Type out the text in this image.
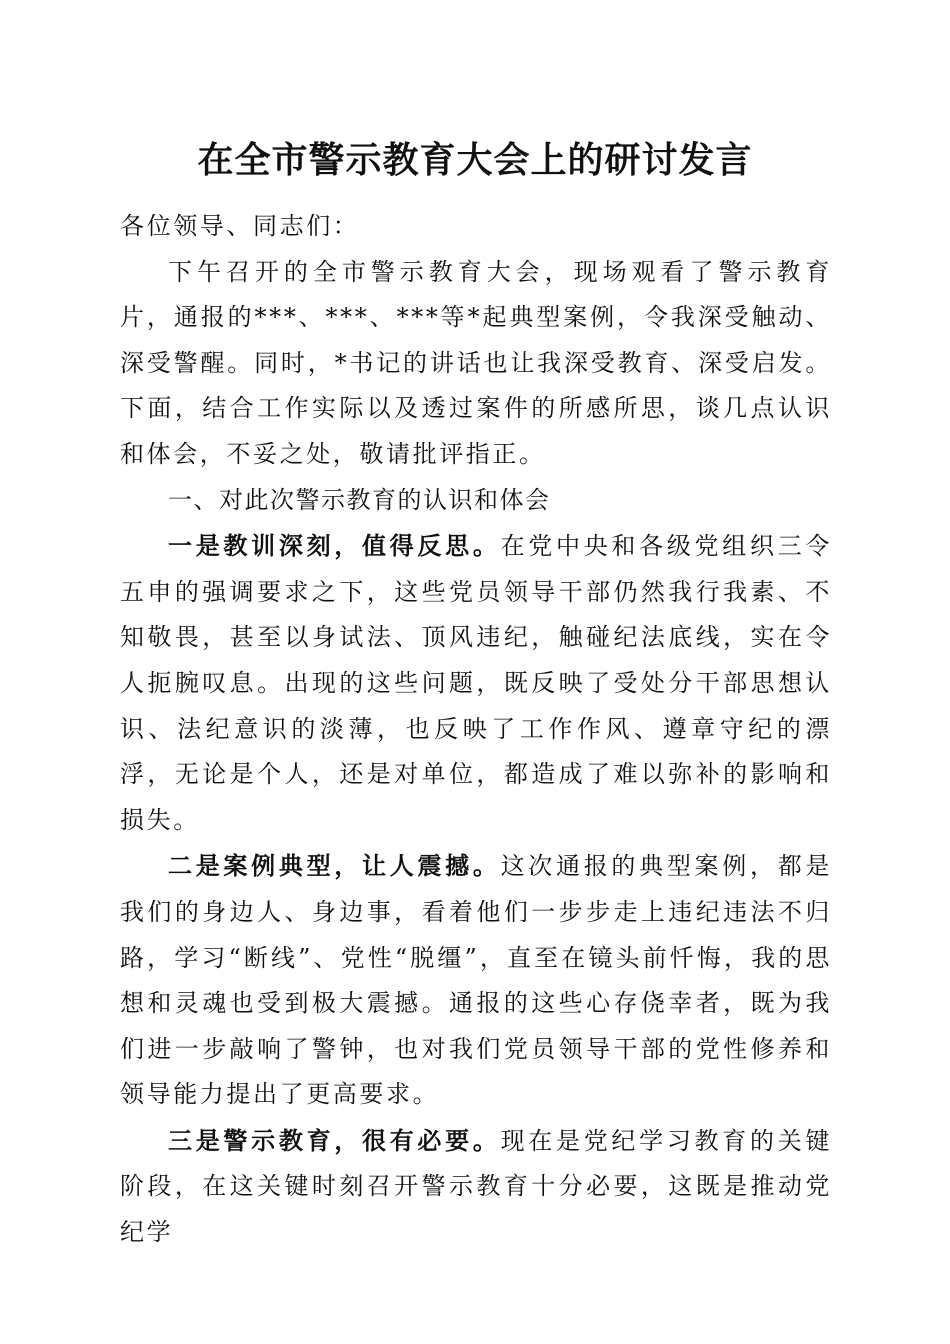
在全市警示教育大会上的研讨发言

各位领导、同志们：

下午召开的全市警示教育大会，现场观看了警示教育片，通报的***、***、***等*起典型案例，令我深受触动、深受警醒。同时，*书记的讲话也让我深受教育、深受启发。下面，结合工作实际以及透过案件的所感所思，谈几点认识和体会，不妥之处，敬请批评指正。

一、对此次警示教育的认识和体会

一是教训深刻，值得反思。在党中央和各级党组织三令五申的强调要求之下，这些党员领导干部仍然我行我素、不知敬畏，甚至以身试法、顶风违纪，触碰纪法底线，实在令人扼腕叹息。出现的这些问题，既反映了受处分干部思想认识、法纪意识的淡薄，也反映了工作作风、遵章守纪的漂浮，无论是个人，还是对单位，都造成了难以弥补的影响和损失。

二是案例典型，让人震撼。这次通报的典型案例，都是我们的身边人、身边事，看着他们一步步走上违纪违法不归路，学习“断线”、党性“脱缰”，直至在镜头前忏悔，我的思想和灵魂也受到极大震撼。通报的这些心存侥幸者，既为我们进一步敲响了警钟，也对我们党员领导干部的党性修养和领导能力提出了更高要求。

三是警示教育，很有必要。现在是党纪学习教育的关键阶段，在这关键时刻召开警示教育十分必要，这既是推动党纪学
